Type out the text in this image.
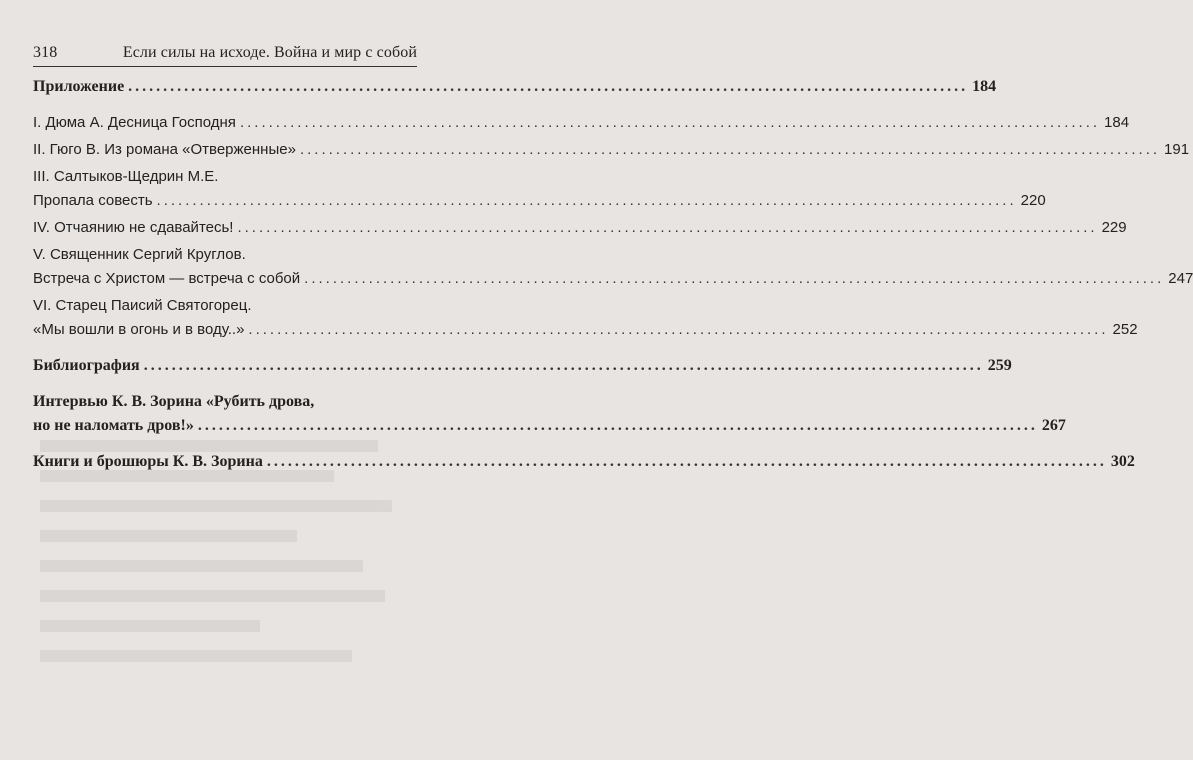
318	Если силы на исходе. Война и мир с собой
Приложение ........................................................................................................................ 184
I. Дюма А. Десница Господня ........................................................................................................................ 184
II. Гюго В. Из романа «Отверженные» ........................................................................................................................ 191
III. Салтыков-Щедрин М.Е.
Пропала совесть ........................................................................................................................ 220
IV. Отчаянию не сдавайтесь! ........................................................................................................................ 229
V. Священник Сергий Круглов.
Встреча с Христом — встреча с собой ........................................................................................................................ 247
VI. Старец Паисий Святогорец.
«Мы вошли в огонь и в воду..» ........................................................................................................................ 252
Библиография ........................................................................................................................ 259
Интервью К. В. Зорина «Рубить дрова,
но не наломать дров!» ........................................................................................................................ 267
Книги и брошюры К. В. Зорина ........................................................................................................................ 302
